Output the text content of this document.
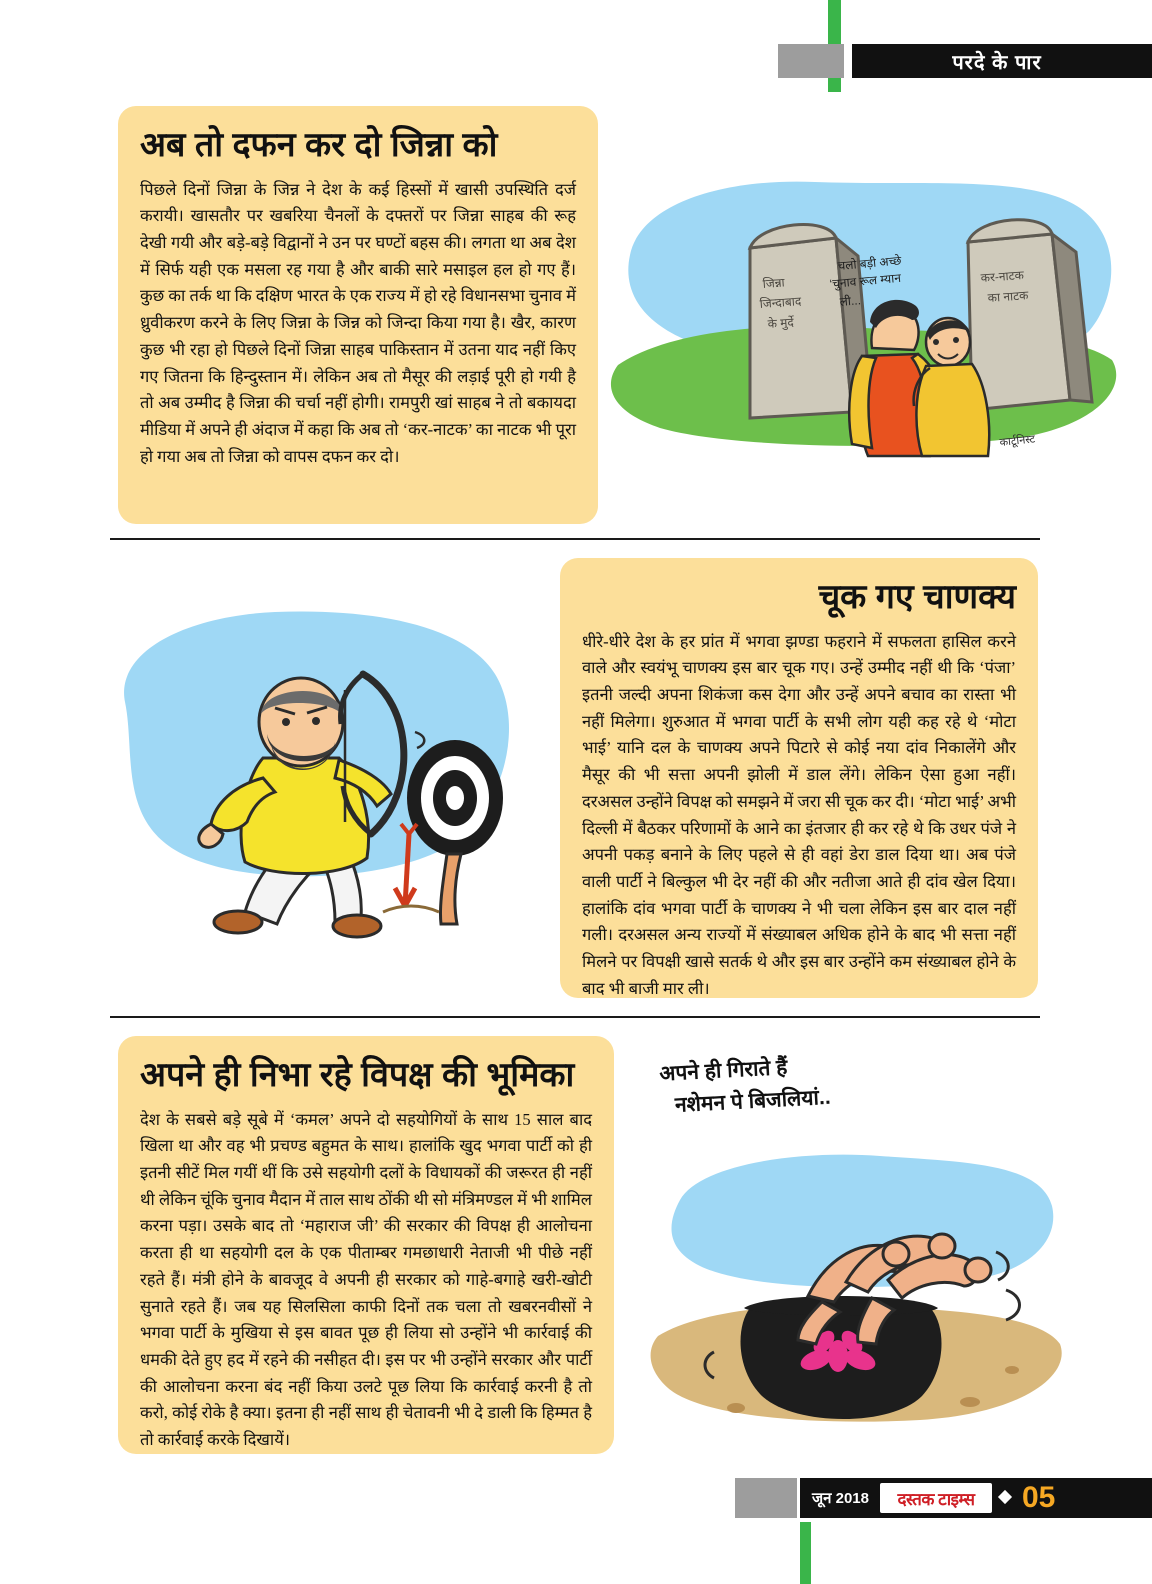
परदे के पार
अब तो दफन कर दो जिन्ना को

पिछले दिनों जिन्ना के जिन्न ने देश के कई हिस्सों में खासी उपस्थिति दर्ज करायी। खासतौर पर खबरिया चैनलों के दफ्तरों पर जिन्ना साहब की रूह देखी गयी और बड़े-बड़े विद्वानों ने उन पर घण्टों बहस की। लगता था अब देश में सिर्फ यही एक मसला रह गया है और बाकी सारे मसाइल हल हो गए हैं। कुछ का तर्क था कि दक्षिण भारत के एक राज्य में हो रहे विधानसभा चुनाव में ध्रुवीकरण करने के लिए जिन्ना के जिन्न को जिन्दा किया गया है। खैर, कारण कुछ भी रहा हो पिछले दिनों जिन्ना साहब पाकिस्तान में उतना याद नहीं किए गए जितना कि हिन्दुस्तान में। लेकिन अब तो मैसूर की लड़ाई पूरी हो गयी है तो अब उम्मीद है जिन्ना की चर्चा नहीं होगी। रामपुरी खां साहब ने तो बकायदा मीडिया में अपने ही अंदाज में कहा कि अब तो ‘कर-नाटक’ का नाटक भी पूरा हो गया अब तो जिन्ना को वापस दफन कर दो।

जिन्ना
जिन्दाबाद
के मुर्दे
कर-नाटक
का नाटक
चलो बड़ी अच्छे
‘चुनाव रूल म्यान
ली...
कार्टूनिस्ट
चूक गए चाणक्य

धीरे-धीरे देश के हर प्रांत में भगवा झण्डा फहराने में सफलता हासिल करने वाले और स्वयंभू चाणक्य इस बार चूक गए। उन्हें उम्मीद नहीं थी कि ‘पंजा’ इतनी जल्दी अपना शिकंजा कस देगा और उन्हें अपने बचाव का रास्ता भी नहीं मिलेगा। शुरुआत में भगवा पार्टी के सभी लोग यही कह रहे थे ‘मोटा भाई’ यानि दल के चाणक्य अपने पिटारे से कोई नया दांव निकालेंगे और मैसूर की भी सत्ता अपनी झोली में डाल लेंगे। लेकिन ऐसा हुआ नहीं। दरअसल उन्होंने विपक्ष को समझने में जरा सी चूक कर दी। ‘मोटा भाई’ अभी दिल्ली में बैठकर परिणामों के आने का इंतजार ही कर रहे थे कि उधर पंजे ने अपनी पकड़ बनाने के लिए पहले से ही वहां डेरा डाल दिया था। अब पंजे वाली पार्टी ने बिल्कुल भी देर नहीं की और नतीजा आते ही दांव खेल दिया। हालांकि दांव भगवा पार्टी के चाणक्य ने भी चला लेकिन इस बार दाल नहीं गली। दरअसल अन्य राज्यों में संख्याबल अधिक होने के बाद भी सत्ता नहीं मिलने पर विपक्षी खासे सतर्क थे और इस बार उन्होंने कम संख्याबल होने के बाद भी बाजी मार ली।

अपने ही निभा रहे विपक्ष की भूमिका

देश के सबसे बड़े सूबे में ‘कमल’ अपने दो सहयोगियों के साथ 15 साल बाद खिला था और वह भी प्रचण्ड बहुमत के साथ। हालांकि खुद भगवा पार्टी को ही इतनी सीटें मिल गयीं थीं कि उसे सहयोगी दलों के विधायकों की जरूरत ही नहीं थी लेकिन चूंकि चुनाव मैदान में ताल साथ ठोंकी थी सो मंत्रिमण्डल में भी शामिल करना पड़ा। उसके बाद तो ‘महाराज जी’ की सरकार की विपक्ष ही आलोचना करता ही था सहयोगी दल के एक पीताम्बर गमछाधारी नेताजी भी पीछे नहीं रहते हैं। मंत्री होने के बावजूद वे अपनी ही सरकार को गाहे-बगाहे खरी-खोटी सुनाते रहते हैं। जब यह सिलसिला काफी दिनों तक चला तो खबरनवीसों ने भगवा पार्टी के मुखिया से इस बावत पूछ ही लिया सो उन्होंने भी कार्रवाई की धमकी देते हुए हद में रहने की नसीहत दी। इस पर भी उन्होंने सरकार और पार्टी की आलोचना करना बंद नहीं किया उलटे पूछ लिया कि कार्रवाई करनी है तो करो, कोई रोके है क्या। इतना ही नहीं साथ ही चेतावनी भी दे डाली कि हिम्मत है तो कार्रवाई करके दिखायें।

अपने ही गिराते हैं
नशेमन पे बिजलियां..
जून 2018	दस्तक टाइम्स	05
